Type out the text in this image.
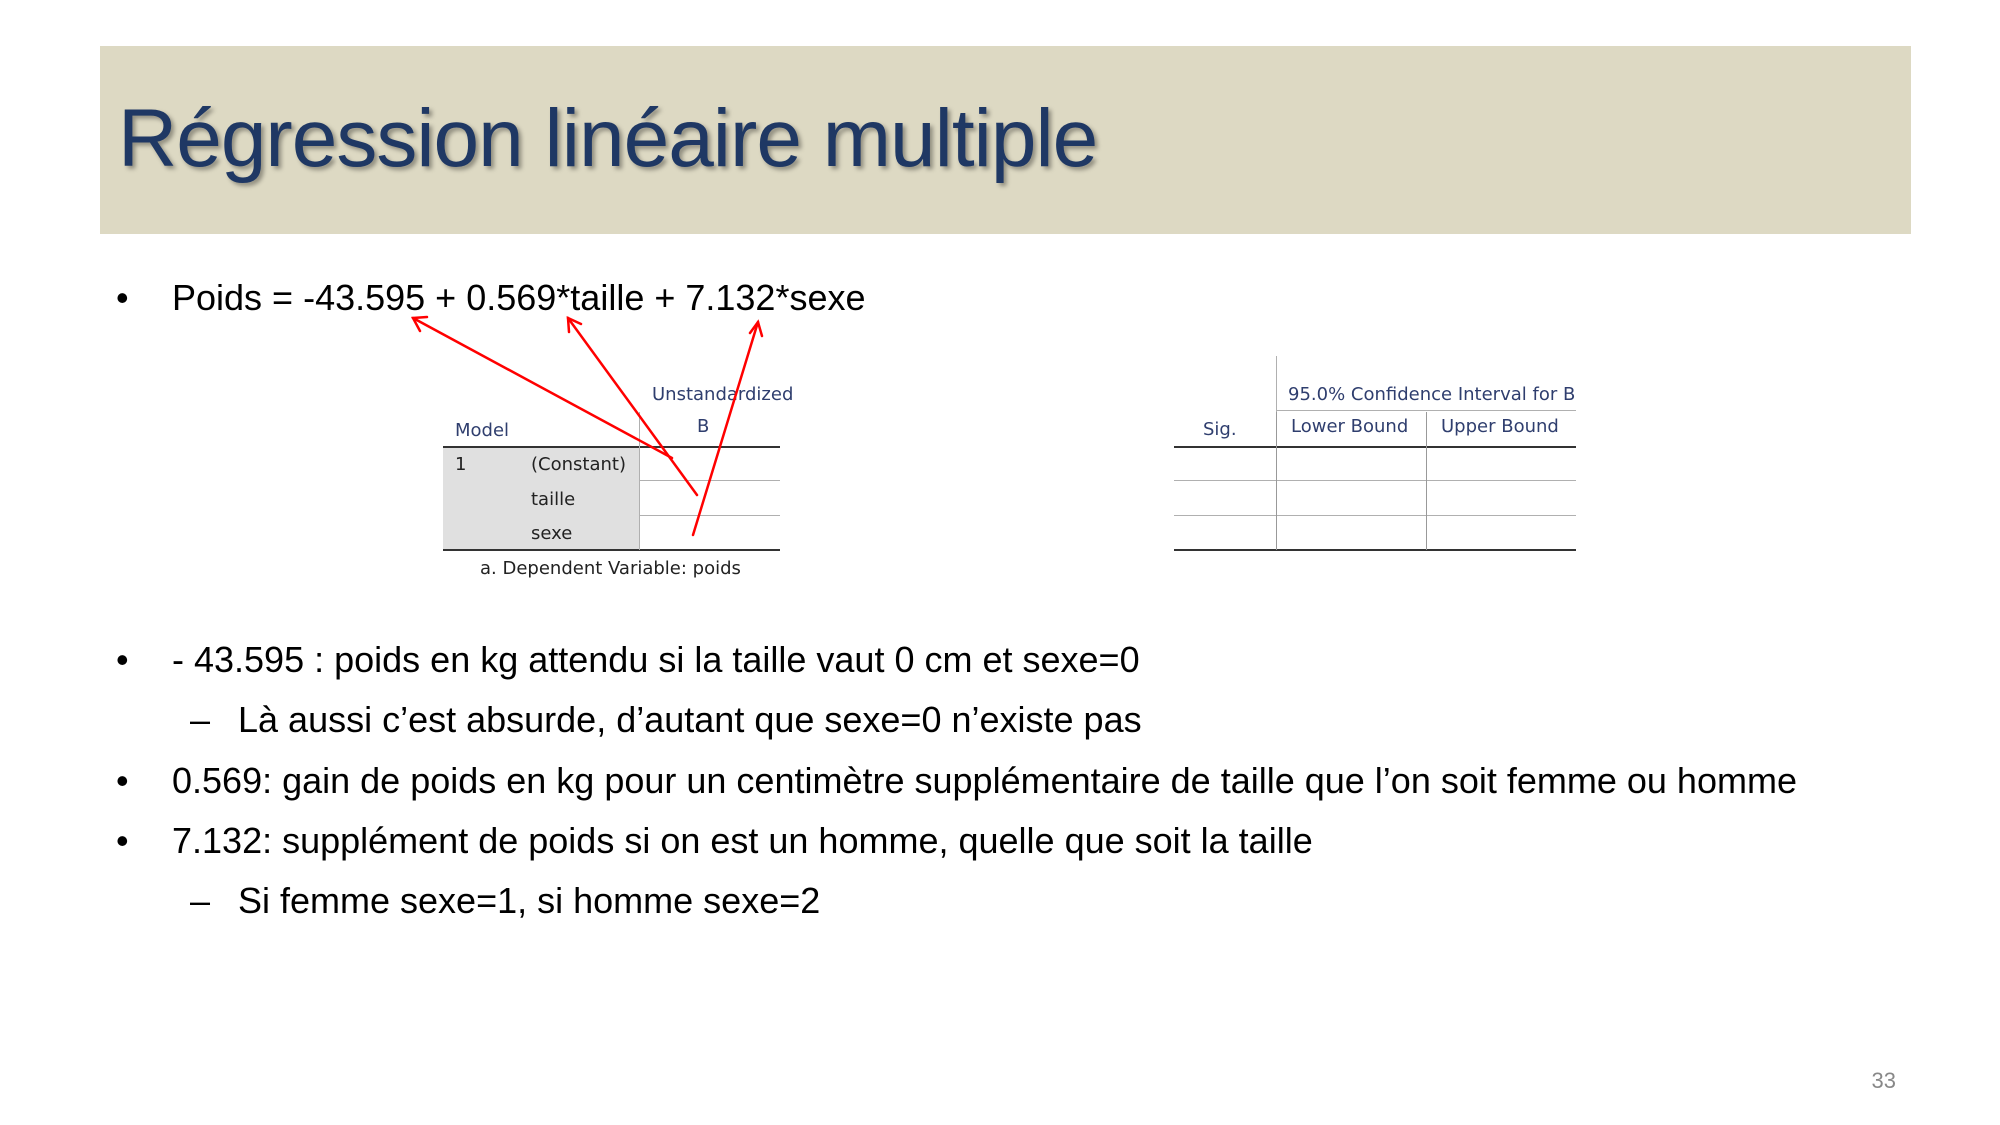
Régression linéaire multiple
• Poids = -43.595 + 0.569*taille + 7.132*sexe
Unstandardized
B
Model
1	(Constant)
taille
sexe
a. Dependent Variable: poids
95.0% Confidence Interval for B
Sig.	Lower Bound Upper Bound
• - 43.595 : poids en kg attendu si la taille vaut 0 cm et sexe=0
– Là aussi c’est absurde, d’autant que sexe=0 n’existe pas
• 0.569: gain de poids en kg pour un centimètre supplémentaire de taille que l’on soit femme ou homme
• 7.132: supplément de poids si on est un homme, quelle que soit la taille
– Si femme sexe=1, si homme sexe=2
33
